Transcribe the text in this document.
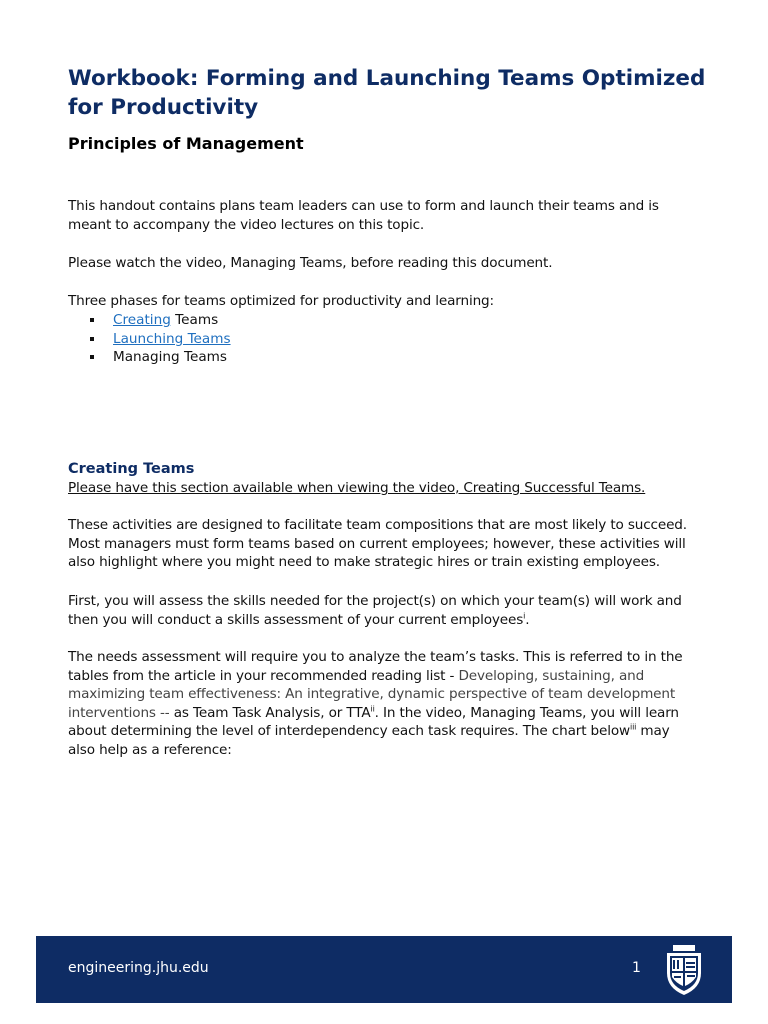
Workbook: Forming and Launching Teams Optimized for Productivity
Principles of Management

This handout contains plans team leaders can use to form and launch their teams and is meant to accompany the video lectures on this topic.

Please watch the video, Managing Teams, before reading this document.

Three phases for teams optimized for productivity and learning:

Creating Teams
Launching Teams
Managing Teams
Creating Teams

Please have this section available when viewing the video, Creating Successful Teams.

These activities are designed to facilitate team compositions that are most likely to succeed. Most managers must form teams based on current employees; however, these activities will also highlight where you might need to make strategic hires or train existing employees.

First, you will assess the skills needed for the project(s) on which your team(s) will work and then you will conduct a skills assessment of your current employees$^i$.

The needs assessment will require you to analyze the team’s tasks. This is referred to in the tables from the article in your recommended reading list - Developing, sustaining, and maximizing team effectiveness: An integrative, dynamic perspective of team development interventions -- as Team Task Analysis, or TTA$^{ii}$. In the video, Managing Teams, you will learn about determining the level of interdependency each task requires. The chart below$^{iii}$ may also help as a reference:

engineering.jhu.edu	1
